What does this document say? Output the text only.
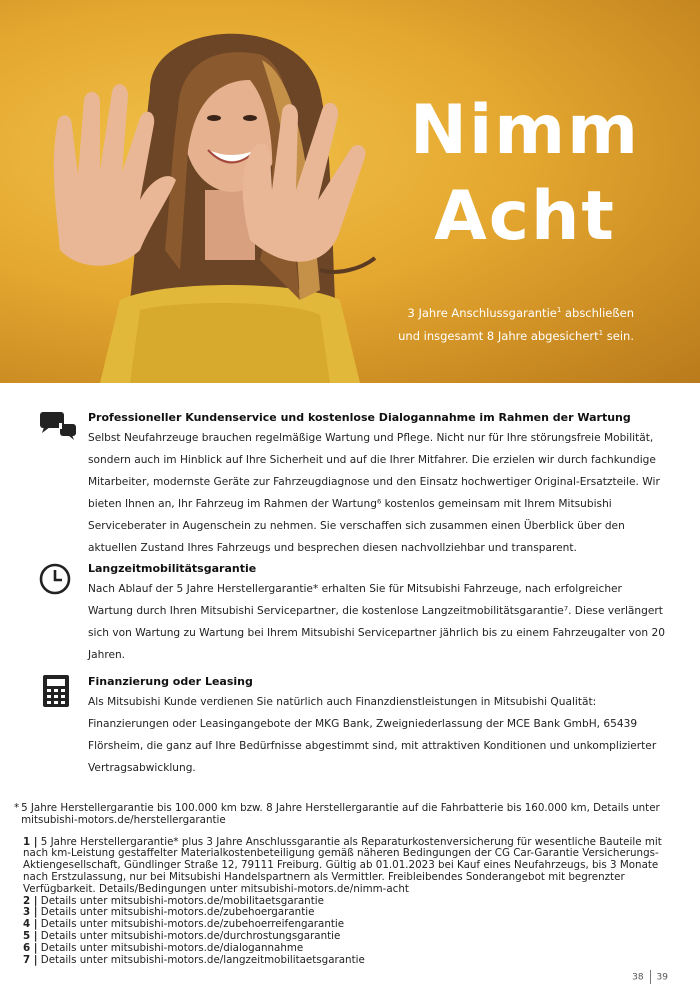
Nimm
Acht
3 Jahre Anschlussgarantie$^1$ abschließen
und insgesamt 8 Jahre abgesichert$^1$ sein.
Professioneller Kundenservice und kostenlose Dialogannahme im Rahmen der Wartung

Selbst Neufahrzeuge brauchen regelmäßige Wartung und Pflege. Nicht nur für Ihre störungsfreie Mobilität, sondern auch im Hinblick auf Ihre Sicherheit und auf die Ihrer Mitfahrer. Die erzielen wir durch fachkundige Mitarbeiter, modernste Geräte zur Fahrzeugdiagnose und den Einsatz hochwertiger Original-Ersatzteile. Wir bieten Ihnen an, Ihr Fahrzeug im Rahmen der Wartung⁶ kostenlos gemeinsam mit Ihrem Mitsubishi Serviceberater in Augenschein zu nehmen. Sie verschaffen sich zusammen einen Überblick über den aktuellen Zustand Ihres Fahrzeugs und besprechen diesen nachvollziehbar und transparent.

Langzeitmobilitätsgarantie

Nach Ablauf der 5 Jahre Herstellergarantie* erhalten Sie für Mitsubishi Fahrzeuge, nach erfolgreicher Wartung durch Ihren Mitsubishi Servicepartner, die kostenlose Langzeitmobilitätsgarantie⁷. Diese verlängert sich von Wartung zu Wartung bei Ihrem Mitsubishi Servicepartner jährlich bis zu einem Fahrzeugalter von 20 Jahren.

Finanzierung oder Leasing

Als Mitsubishi Kunde verdienen Sie natürlich auch Finanzdienstleistungen in Mitsubishi Qualität: Finanzierungen oder Leasingangebote der MKG Bank, Zweigniederlassung der MCE Bank GmbH, 65439 Flörsheim, die ganz auf Ihre Bedürfnisse abgestimmt sind, mit attraktiven Konditionen und unkomplizierter Vertragsabwicklung.

* 5 Jahre Herstellergarantie bis 100.000 km bzw. 8 Jahre Herstellergarantie auf die Fahrbatterie bis 160.000 km, Details unter mitsubishi-motors.de/herstellergarantie
1 | 5 Jahre Herstellergarantie* plus 3 Jahre Anschlussgarantie als Reparaturkostenversicherung für wesentliche Bauteile mit nach km-Leistung gestaffelter Materialkostenbeteiligung gemäß näheren Bedingungen der CG Car-Garantie Versicherungs-Aktiengesellschaft, Gündlinger Straße 12, 79111 Freiburg. Gültig ab 01.01.2023 bei Kauf eines Neufahrzeugs, bis 3 Monate nach Erstzulassung, nur bei Mitsubishi Handelspartnern als Vermittler. Freibleibendes Sonderangebot mit begrenzter Verfügbarkeit. Details/Bedingungen unter mitsubishi-motors.de/nimm-acht
2 | Details unter mitsubishi-motors.de/mobilitaetsgarantie
3 | Details unter mitsubishi-motors.de/zubehoergarantie
4 | Details unter mitsubishi-motors.de/zubehoerreifengarantie
5 | Details unter mitsubishi-motors.de/durchrostungsgarantie
6 | Details unter mitsubishi-motors.de/dialogannahme
7 | Details unter mitsubishi-motors.de/langzeitmobilitaetsgarantie
38 39
